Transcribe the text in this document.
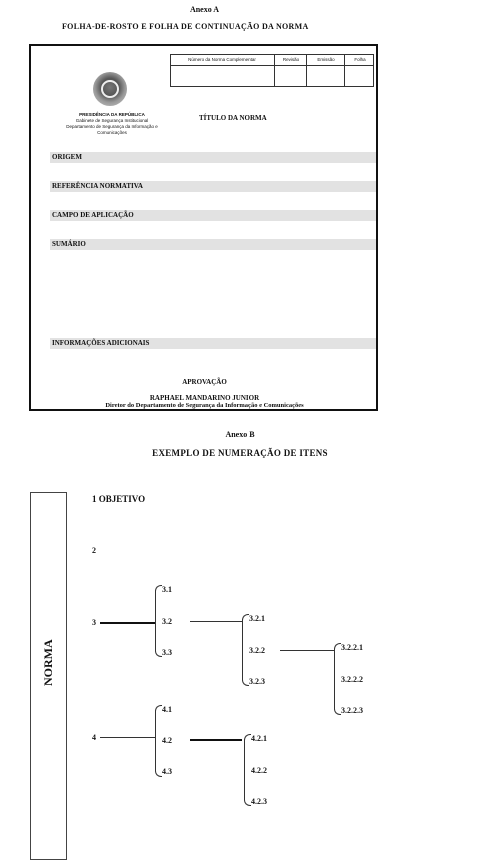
Anexo A
FOLHA-DE-ROSTO E FOLHA DE CONTINUAÇÃO DA NORMA
Número da Norma Complementar	Revisão	Emissão	Folha
PRESIDÊNCIA DA REPÚBLICA
Gabinete de Segurança Institucional
Departamento de Segurança da Informação e
Comunicações
TÍTULO DA NORMA
ORIGEM
REFERÊNCIA NORMATIVA
CAMPO DE APLICAÇÃO
SUMÁRIO
INFORMAÇÕES ADICIONAIS
APROVAÇÃO
RAPHAEL MANDARINO JUNIOR
Diretor do Departamento de Segurança da Informação e Comunicações
Anexo B
EXEMPLO DE NUMERAÇÃO DE ITENS
NORMA
1 OBJETIVO
2
3
3.1
3.2
3.3
3.2.1
3.2.2
3.2.3
3.2.2.1
3.2.2.2
3.2.2.3
4
4.1
4.2
4.3
4.2.1
4.2.2
4.2.3
